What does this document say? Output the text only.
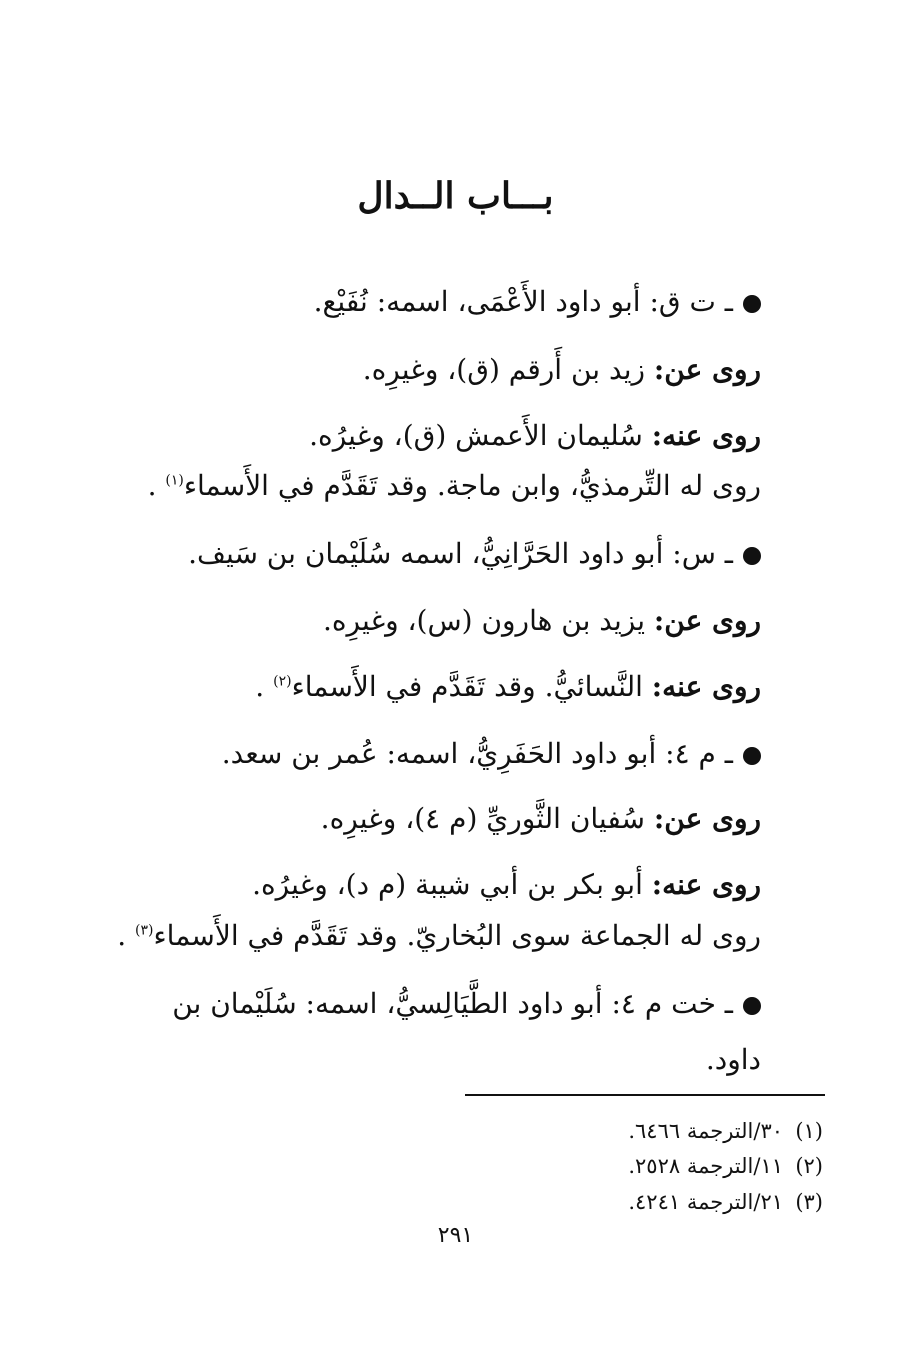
بـــاب الــدال
ـ ت ق: أبو داود الأَعْمَى، اسمه: نُفَيْع.
روى عن: زيد بن أَرقم (ق)، وغيرِه.
روى عنه: سُليمان الأَعمش (ق)، وغيرُه.
روى له التِّرمذيُّ، وابن ماجة. وقد تَقَدَّم في الأَسماء$^{(١)}$ .
ـ س: أبو داود الحَرَّانِيُّ، اسمه سُلَيْمان بن سَيف.
روى عن: يزيد بن هارون (س)، وغيرِه.
روى عنه: النَّسائيُّ. وقد تَقَدَّم في الأَسماء$^{(٢)}$ .
ـ م ٤: أبو داود الحَفَرِيُّ، اسمه: عُمر بن سعد.
روى عن: سُفيان الثَّوريِّ (م ٤)، وغيرِه.
روى عنه: أبو بكر بن أبي شيبة (م د)، وغيرُه.
روى له الجماعة سوى البُخاريّ. وقد تَقَدَّم في الأَسماء$^{(٣)}$ .
ـ خت م ٤: أبو داود الطَّيَالِسيُّ، اسمه: سُلَيْمان بن
داود.
(١)٣٠/الترجمة ٦٤٦٦.
(٢)١١/الترجمة ٢٥٢٨.
(٣)٢١/الترجمة ٤٢٤١.
٢٩١
